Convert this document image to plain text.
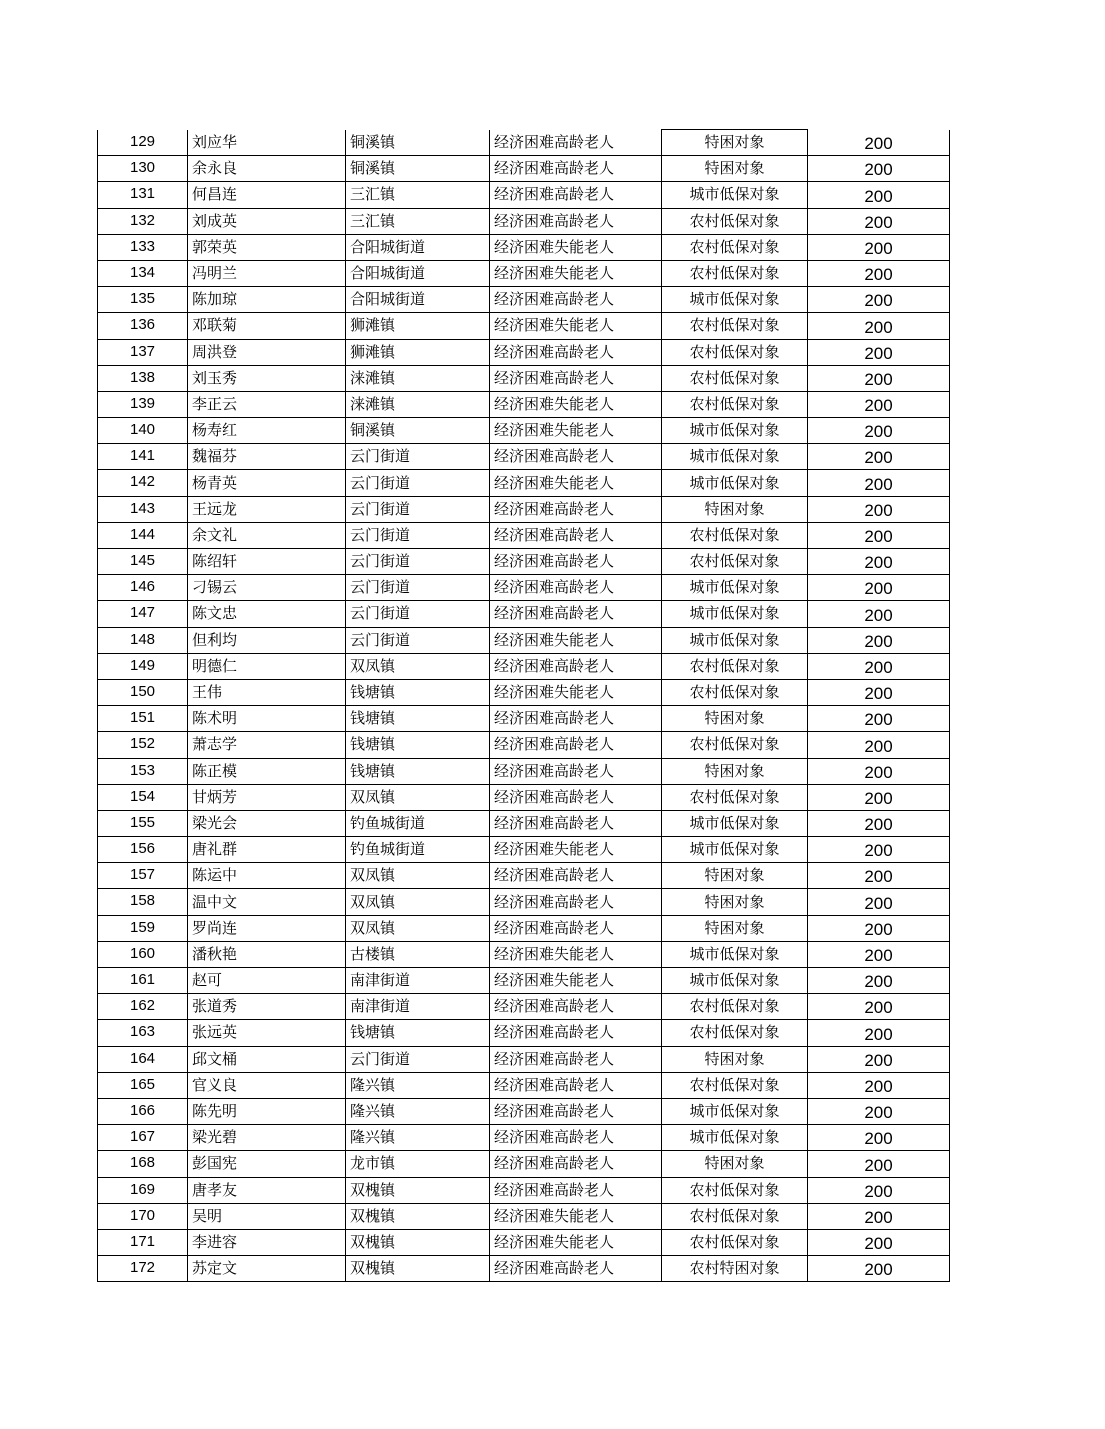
129	刘应华	铜溪镇	经济困难高龄老人	特困对象	200
130	余永良	铜溪镇	经济困难高龄老人	特困对象	200
131	何昌连	三汇镇	经济困难高龄老人	城市低保对象	200
132	刘成英	三汇镇	经济困难高龄老人	农村低保对象	200
133	郭荣英	合阳城街道	经济困难失能老人	农村低保对象	200
134	冯明兰	合阳城街道	经济困难失能老人	农村低保对象	200
135	陈加琼	合阳城街道	经济困难高龄老人	城市低保对象	200
136	邓联菊	狮滩镇	经济困难失能老人	农村低保对象	200
137	周洪登	狮滩镇	经济困难高龄老人	农村低保对象	200
138	刘玉秀	涞滩镇	经济困难高龄老人	农村低保对象	200
139	李正云	涞滩镇	经济困难失能老人	农村低保对象	200
140	杨寿红	铜溪镇	经济困难失能老人	城市低保对象	200
141	魏福芬	云门街道	经济困难高龄老人	城市低保对象	200
142	杨青英	云门街道	经济困难失能老人	城市低保对象	200
143	王远龙	云门街道	经济困难高龄老人	特困对象	200
144	余文礼	云门街道	经济困难高龄老人	农村低保对象	200
145	陈绍轩	云门街道	经济困难高龄老人	农村低保对象	200
146	刁锡云	云门街道	经济困难高龄老人	城市低保对象	200
147	陈文忠	云门街道	经济困难高龄老人	城市低保对象	200
148	但利均	云门街道	经济困难失能老人	城市低保对象	200
149	明德仁	双凤镇	经济困难高龄老人	农村低保对象	200
150	王伟	钱塘镇	经济困难失能老人	农村低保对象	200
151	陈术明	钱塘镇	经济困难高龄老人	特困对象	200
152	萧志学	钱塘镇	经济困难高龄老人	农村低保对象	200
153	陈正模	钱塘镇	经济困难高龄老人	特困对象	200
154	甘炳芳	双凤镇	经济困难高龄老人	农村低保对象	200
155	梁光会	钓鱼城街道	经济困难高龄老人	城市低保对象	200
156	唐礼群	钓鱼城街道	经济困难失能老人	城市低保对象	200
157	陈运中	双凤镇	经济困难高龄老人	特困对象	200
158	温中文	双凤镇	经济困难高龄老人	特困对象	200
159	罗尚连	双凤镇	经济困难高龄老人	特困对象	200
160	潘秋艳	古楼镇	经济困难失能老人	城市低保对象	200
161	赵可	南津街道	经济困难失能老人	城市低保对象	200
162	张道秀	南津街道	经济困难高龄老人	农村低保对象	200
163	张远英	钱塘镇	经济困难高龄老人	农村低保对象	200
164	邱文桶	云门街道	经济困难高龄老人	特困对象	200
165	官义良	隆兴镇	经济困难高龄老人	农村低保对象	200
166	陈先明	隆兴镇	经济困难高龄老人	城市低保对象	200
167	梁光碧	隆兴镇	经济困难高龄老人	城市低保对象	200
168	彭国宪	龙市镇	经济困难高龄老人	特困对象	200
169	唐孝友	双槐镇	经济困难高龄老人	农村低保对象	200
170	吴明	双槐镇	经济困难失能老人	农村低保对象	200
171	李进容	双槐镇	经济困难失能老人	农村低保对象	200
172	苏定文	双槐镇	经济困难高龄老人	农村特困对象	200
